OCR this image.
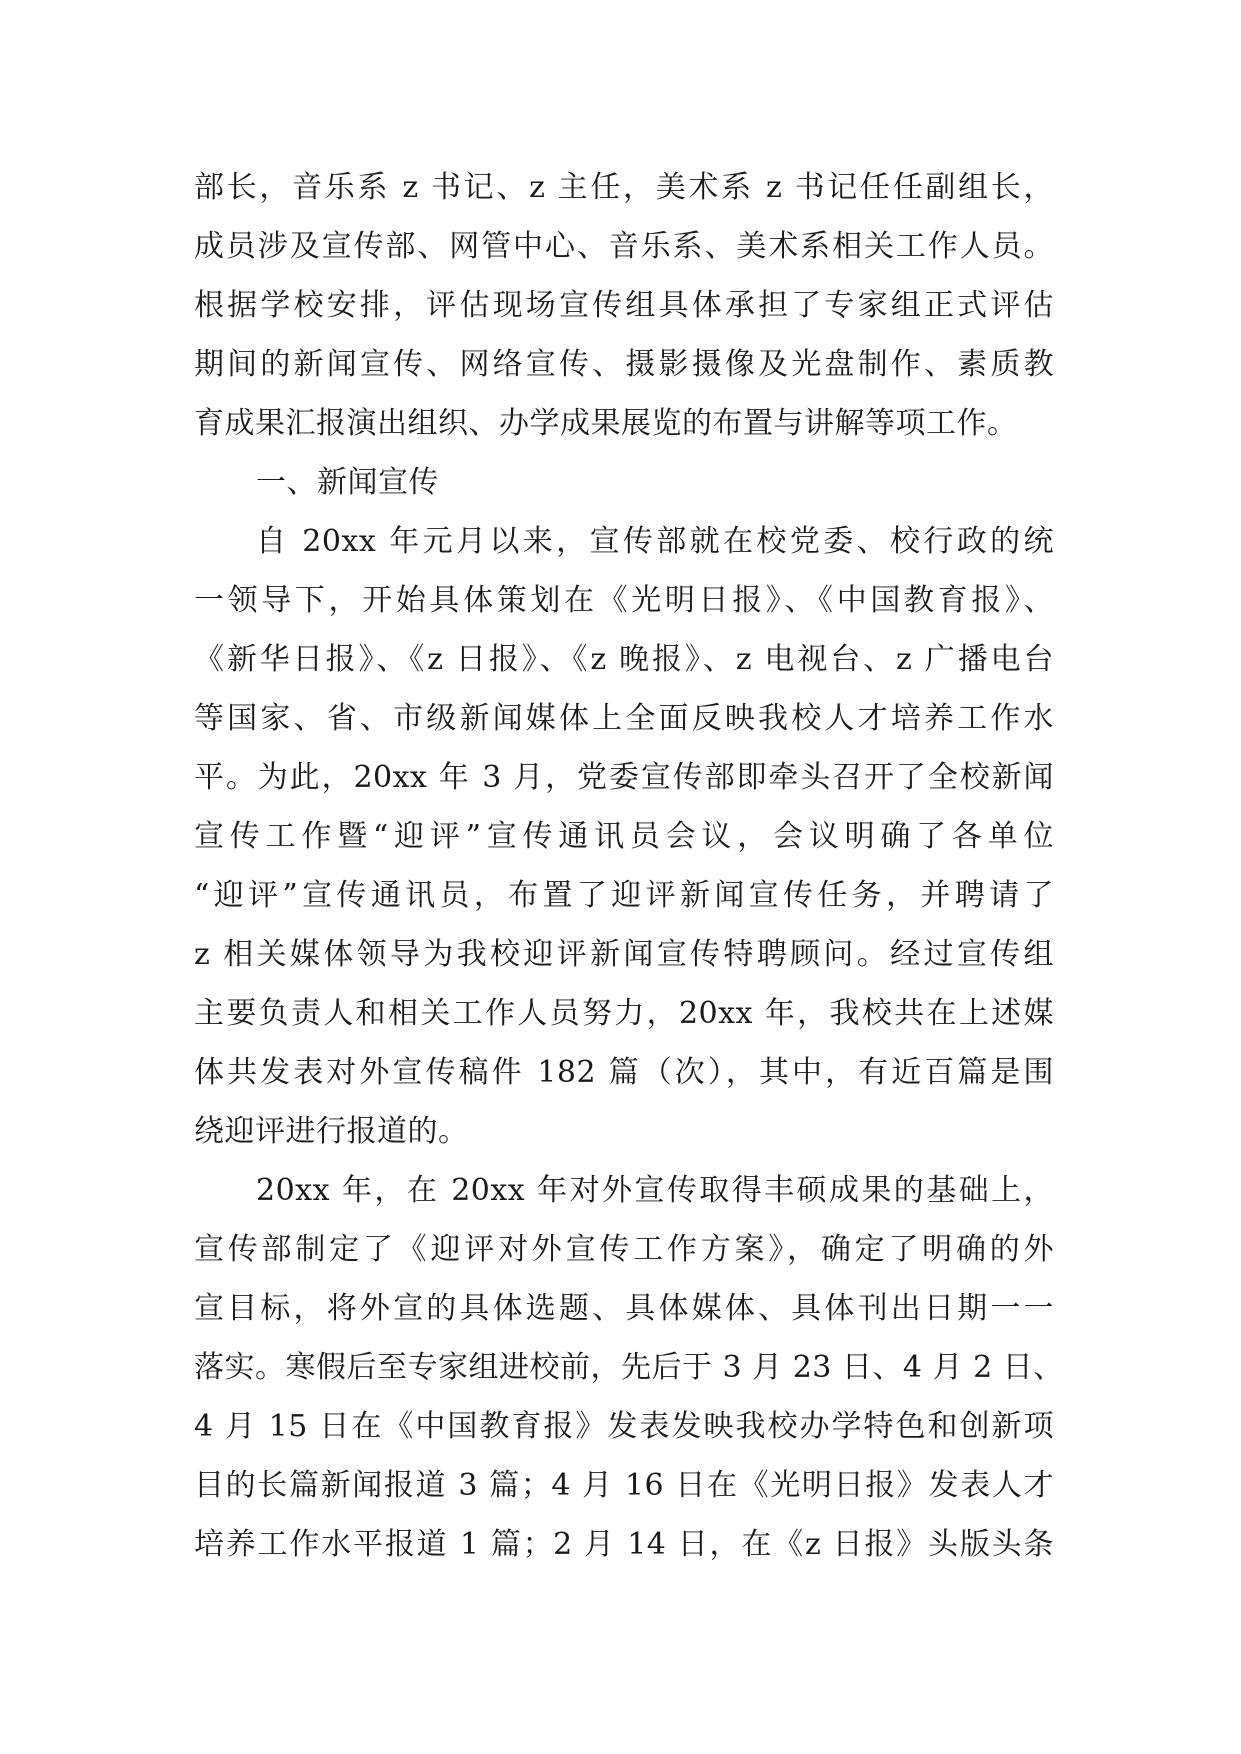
部长，音乐系 z 书记、z 主任，美术系 z 书记任任副组长，
成员涉及宣传部、网管中心、音乐系、美术系相关工作人员。
根据学校安排，评估现场宣传组具体承担了专家组正式评估
期间的新闻宣传、网络宣传、摄影摄像及光盘制作、素质教
育成果汇报演出组织、办学成果展览的布置与讲解等项工作。
一、新闻宣传
自 20xx 年元月以来，宣传部就在校党委、校行政的统
一领导下，开始具体策划在《光明日报》、《中国教育报》、
《新华日报》、《z 日报》、《z 晚报》、z 电视台、z 广播电台
等国家、省、市级新闻媒体上全面反映我校人才培养工作水
平。为此，20xx 年 3 月，党委宣传部即牵头召开了全校新闻
宣传工作暨“迎评”宣传通讯员会议，会议明确了各单位
“迎评”宣传通讯员，布置了迎评新闻宣传任务，并聘请了
z 相关媒体领导为我校迎评新闻宣传特聘顾问。经过宣传组
主要负责人和相关工作人员努力，20xx 年，我校共在上述媒
体共发表对外宣传稿件 182 篇（次），其中，有近百篇是围
绕迎评进行报道的。
20xx 年，在 20xx 年对外宣传取得丰硕成果的基础上，
宣传部制定了《迎评对外宣传工作方案》，确定了明确的外
宣目标，将外宣的具体选题、具体媒体、具体刊出日期一一
落实。寒假后至专家组进校前，先后于 3 月 23 日、4 月 2 日、
4 月 15 日在《中国教育报》发表发映我校办学特色和创新项
目的长篇新闻报道 3 篇；4 月 16 日在《光明日报》发表人才
培养工作水平报道 1 篇；2 月 14 日，在《z 日报》头版头条
